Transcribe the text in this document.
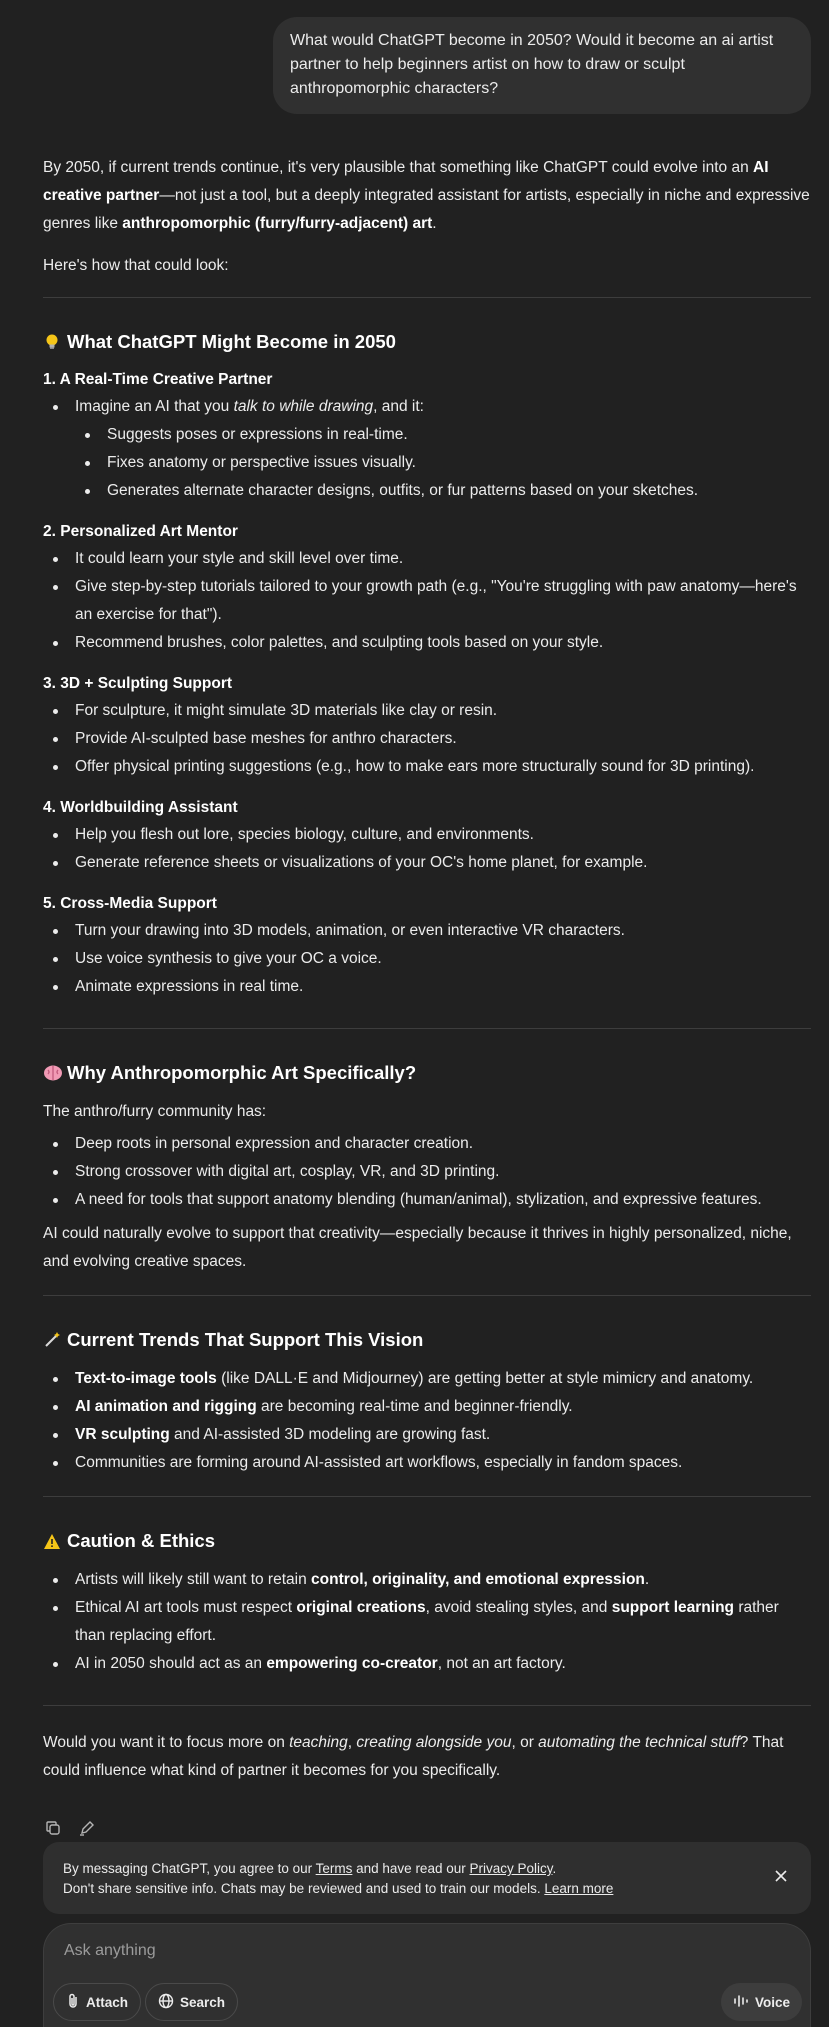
What would ChatGPT become in 2050? Would it become an ai artist partner to help beginners artist on how to draw or sculpt anthropomorphic characters?

By 2050, if current trends continue, it's very plausible that something like ChatGPT could evolve into an AI creative partner—not just a tool, but a deeply integrated assistant for artists, especially in niche and expressive genres like anthropomorphic (furry/furry-adjacent) art.

Here's how that could look:

What ChatGPT Might Become in 2050
1. A Real-Time Creative Partner
Imagine an AI that you talk to while drawing, and it:
Suggests poses or expressions in real-time.
Fixes anatomy or perspective issues visually.
Generates alternate character designs, outfits, or fur patterns based on your sketches.
2. Personalized Art Mentor
It could learn your style and skill level over time.
Give step-by-step tutorials tailored to your growth path (e.g., "You're struggling with paw anatomy—here's an exercise for that").
Recommend brushes, color palettes, and sculpting tools based on your style.
3. 3D + Sculpting Support
For sculpture, it might simulate 3D materials like clay or resin.
Provide AI-sculpted base meshes for anthro characters.
Offer physical printing suggestions (e.g., how to make ears more structurally sound for 3D printing).
4. Worldbuilding Assistant
Help you flesh out lore, species biology, culture, and environments.
Generate reference sheets or visualizations of your OC's home planet, for example.
5. Cross-Media Support
Turn your drawing into 3D models, animation, or even interactive VR characters.
Use voice synthesis to give your OC a voice.
Animate expressions in real time.
Why Anthropomorphic Art Specifically?
The anthro/furry community has:
Deep roots in personal expression and character creation.
Strong crossover with digital art, cosplay, VR, and 3D printing.
A need for tools that support anatomy blending (human/animal), stylization, and expressive features.
AI could naturally evolve to support that creativity—especially because it thrives in highly personalized, niche, and evolving creative spaces.
Current Trends That Support This Vision
Text-to-image tools (like DALL·E and Midjourney) are getting better at style mimicry and anatomy.
AI animation and rigging are becoming real-time and beginner-friendly.
VR sculpting and AI-assisted 3D modeling are growing fast.
Communities are forming around AI-assisted art workflows, especially in fandom spaces.
Caution & Ethics
Artists will likely still want to retain control, originality, and emotional expression.
Ethical AI art tools must respect original creations, avoid stealing styles, and support learning rather than replacing effort.
AI in 2050 should act as an empowering co-creator, not an art factory.
Would you want it to focus more on teaching, creating alongside you, or automating the technical stuff? That could influence what kind of partner it becomes for you specifically.
By messaging ChatGPT, you agree to our Terms and have read our Privacy Policy.
Don't share sensitive info. Chats may be reviewed and used to train our models. Learn more
Ask anything
Attach	Search	Voice
